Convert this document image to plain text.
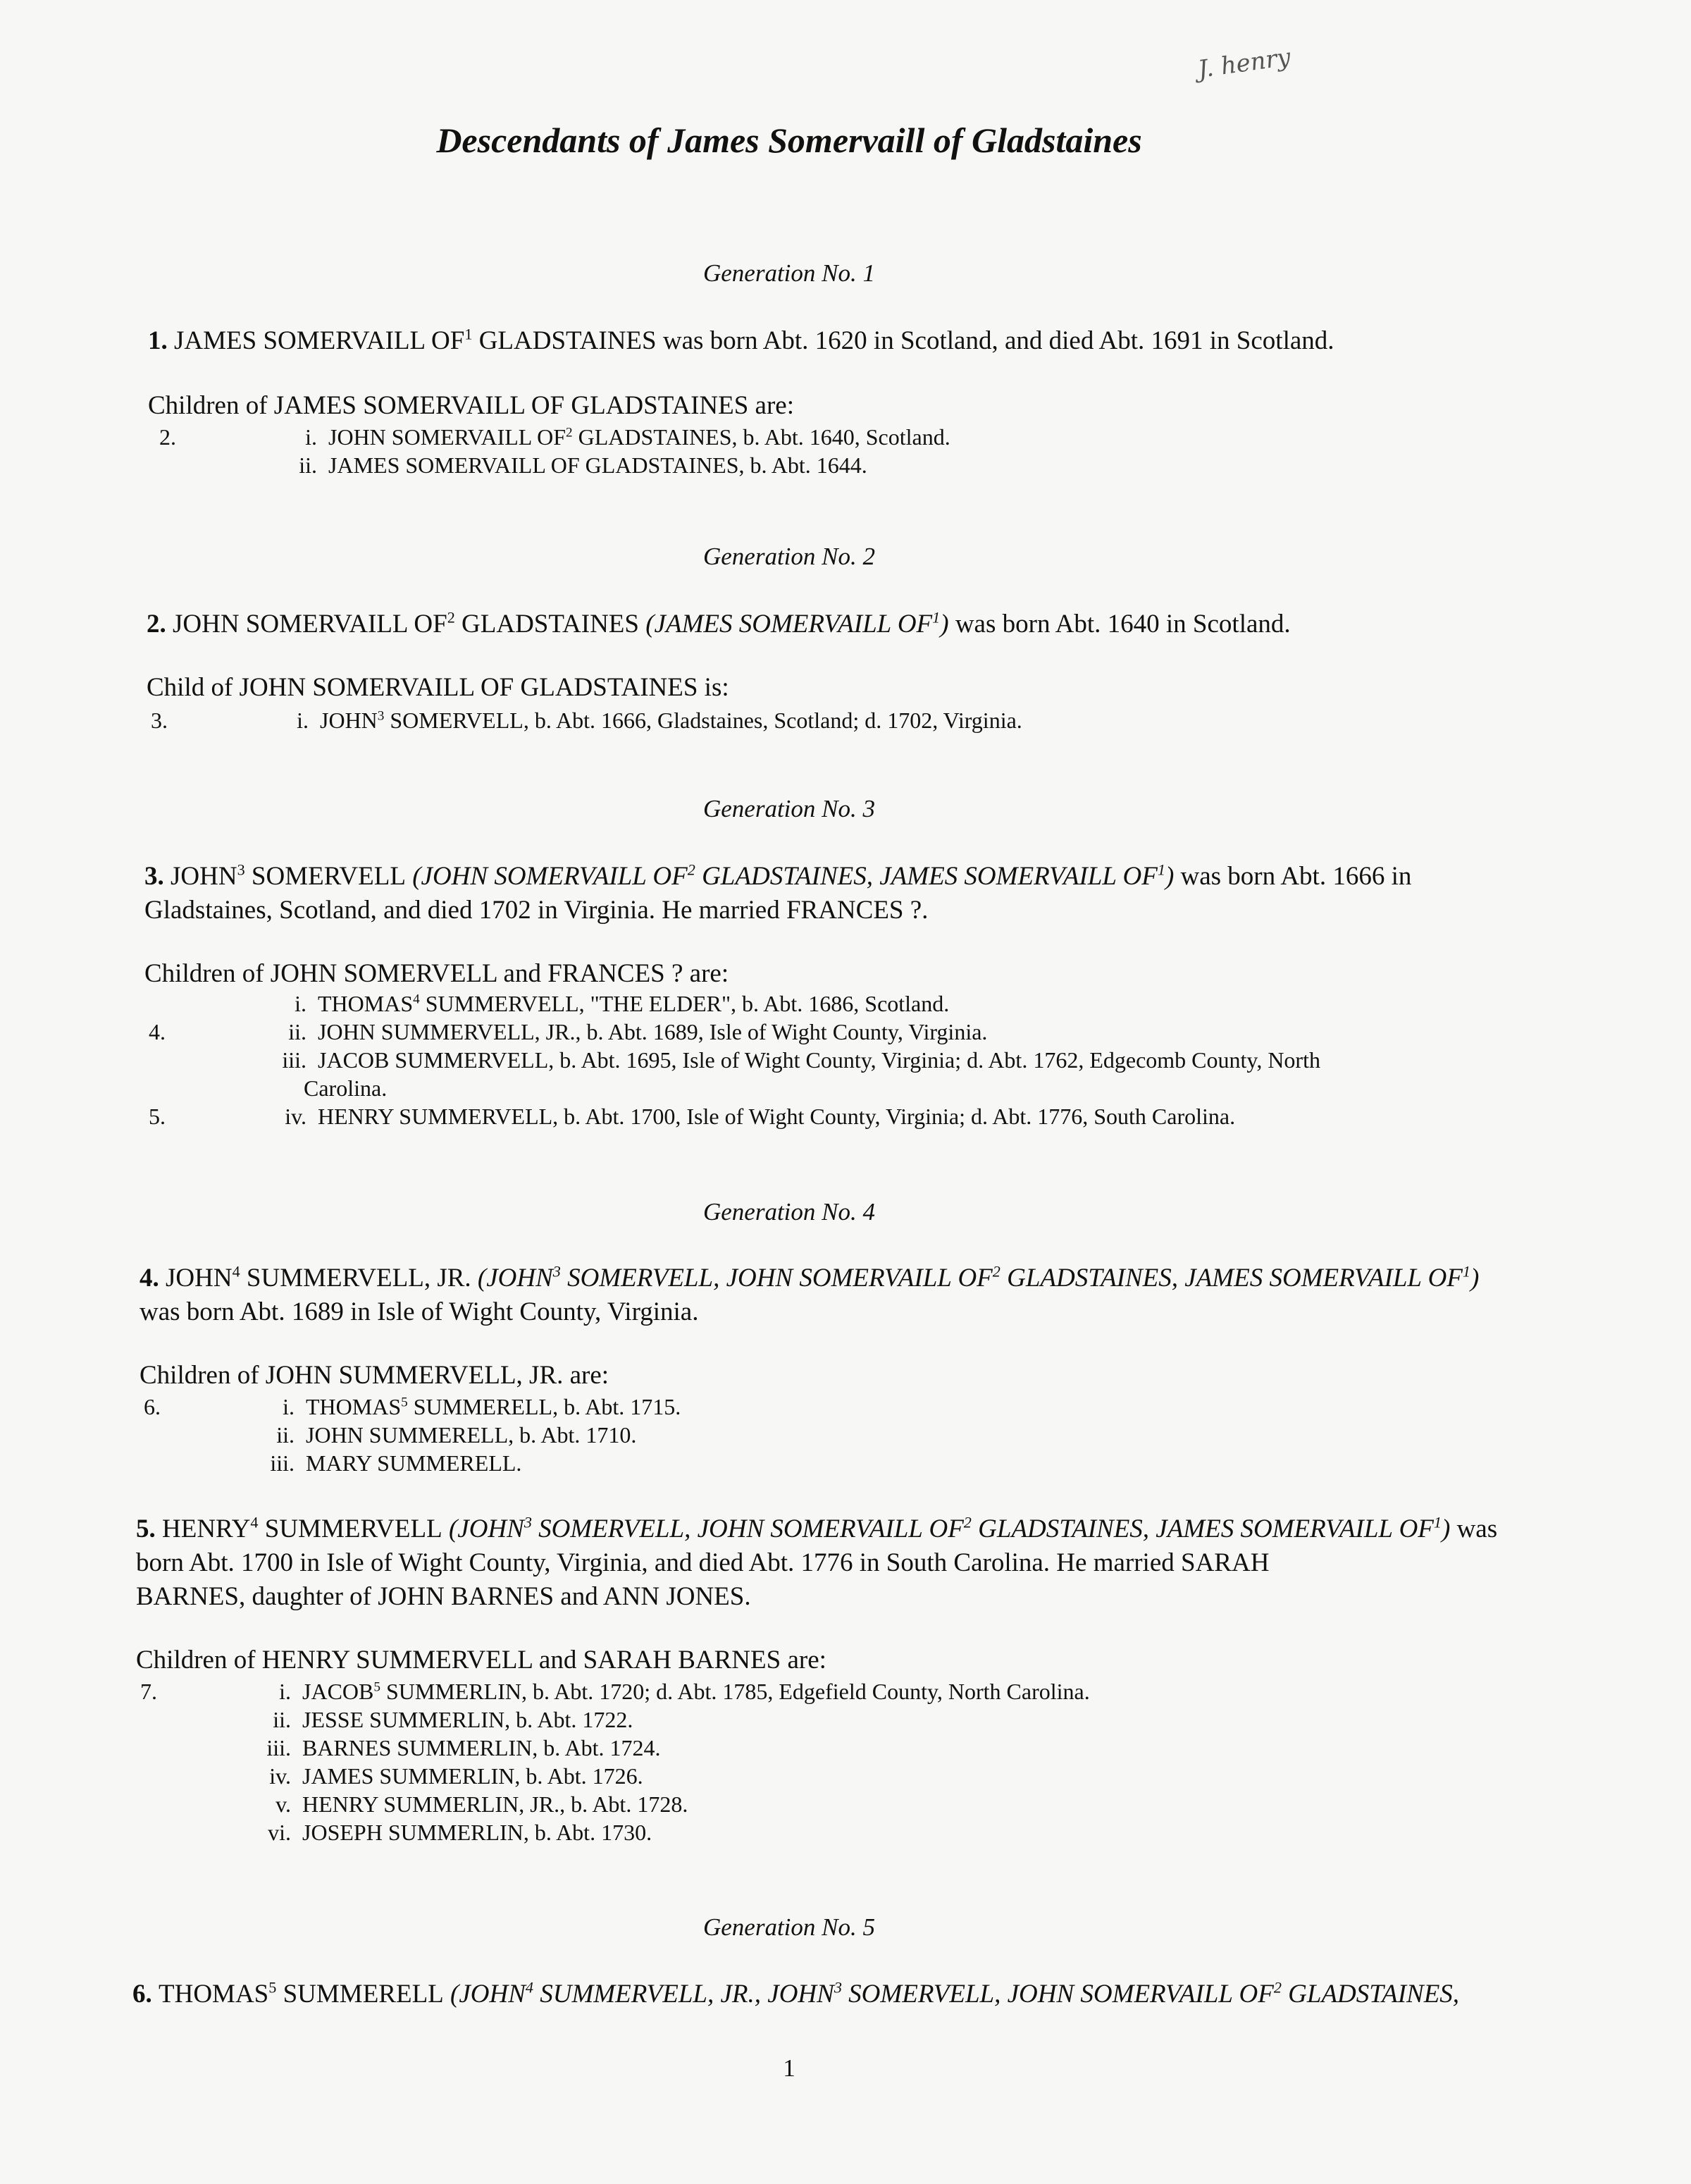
J. henry
Descendants of James Somervaill of Gladstaines
Generation No. 1
1. JAMES SOMERVAILL $OF^1$ GLADSTAINES was born Abt. 1620 in Scotland, and died Abt. 1691 in Scotland.
Children of JAMES SOMERVAILL OF GLADSTAINES are:
2.	i. JOHN SOMERVAILL $OF^2$ GLADSTAINES, b. Abt. 1640, Scotland.
ii. JAMES SOMERVAILL OF GLADSTAINES, b. Abt. 1644.
Generation No. 2
2. JOHN SOMERVAILL $OF^2$ GLADSTAINES (JAMES SOMERVAILL $OF^1$) was born Abt. 1640 in Scotland.
Child of JOHN SOMERVAILL OF GLADSTAINES is:
3.	i. JOHN$^3$ SOMERVELL, b. Abt. 1666, Gladstaines, Scotland; d. 1702, Virginia.
Generation No. 3
3. JOHN$^3$ SOMERVELL (JOHN SOMERVAILL $OF^2$ GLADSTAINES, JAMES SOMERVAILL $OF^1$) was born Abt. 1666 in
Gladstaines, Scotland, and died 1702 in Virginia. He married FRANCES ?.
Children of JOHN SOMERVELL and FRANCES ? are:
i. THOMAS$^4$ SUMMERVELL, "THE ELDER", b. Abt. 1686, Scotland.
4.	ii. JOHN SUMMERVELL, JR., b. Abt. 1689, Isle of Wight County, Virginia.
iii. JACOB SUMMERVELL, b. Abt. 1695, Isle of Wight County, Virginia; d. Abt. 1762, Edgecomb County, North
Carolina.
5.	iv. HENRY SUMMERVELL, b. Abt. 1700, Isle of Wight County, Virginia; d. Abt. 1776, South Carolina.
Generation No. 4
4. JOHN$^4$ SUMMERVELL, JR. (JOHN$^3$ SOMERVELL, JOHN SOMERVAILL $OF^2$ GLADSTAINES, JAMES SOMERVAILL $OF^1$)
was born Abt. 1689 in Isle of Wight County, Virginia.
Children of JOHN SUMMERVELL, JR. are:
6.	i. THOMAS$^5$ SUMMERELL, b. Abt. 1715.
ii. JOHN SUMMERELL, b. Abt. 1710.
iii. MARY SUMMERELL.
5. HENRY$^4$ SUMMERVELL (JOHN$^3$ SOMERVELL, JOHN SOMERVAILL $OF^2$ GLADSTAINES, JAMES SOMERVAILL $OF^1$) was
born Abt. 1700 in Isle of Wight County, Virginia, and died Abt. 1776 in South Carolina. He married SARAH
BARNES, daughter of JOHN BARNES and ANN JONES.
Children of HENRY SUMMERVELL and SARAH BARNES are:
7.	i. JACOB$^5$ SUMMERLIN, b. Abt. 1720; d. Abt. 1785, Edgefield County, North Carolina.
ii. JESSE SUMMERLIN, b. Abt. 1722.
iii. BARNES SUMMERLIN, b. Abt. 1724.
iv. JAMES SUMMERLIN, b. Abt. 1726.
v. HENRY SUMMERLIN, JR., b. Abt. 1728.
vi. JOSEPH SUMMERLIN, b. Abt. 1730.
Generation No. 5
6. THOMAS$^5$ SUMMERELL (JOHN$^4$ SUMMERVELL, JR., JOHN$^3$ SOMERVELL, JOHN SOMERVAILL $OF^2$ GLADSTAINES,
1
